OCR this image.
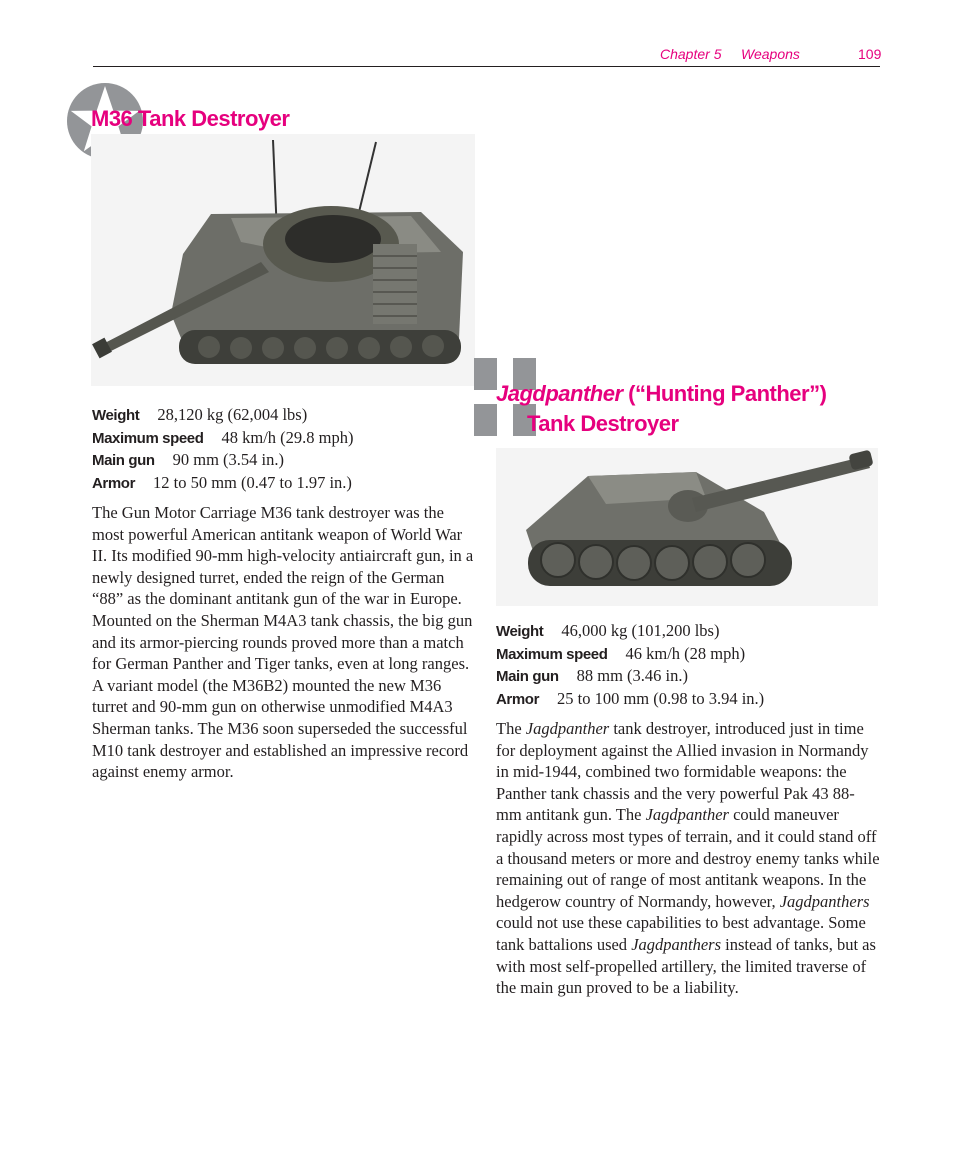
Chapter 5 Weapons	109
M36 Tank Destroyer
Weight 28,120 kg (62,004 lbs)
Maximum speed 48 km/h (29.8 mph)
Main gun 90 mm (3.54 in.)
Armor 12 to 50 mm (0.47 to 1.97 in.)

The Gun Motor Carriage M36 tank destroyer was the most powerful American antitank weapon of World War II. Its modified 90-mm high-velocity antiaircraft gun, in a newly designed turret, ended the reign of the German “88” as the dominant antitank gun of the war in Europe. Mounted on the Sherman M4A3 tank chassis, the big gun and its armor-piercing rounds proved more than a match for German Panther and Tiger tanks, even at long ranges. A variant model (the M36B2) mounted the new M36 turret and 90-mm gun on otherwise unmodified M4A3 Sherman tanks. The M36 soon superseded the successful M10 tank destroyer and established an impressive record against enemy armor.

Jagdpanther (“Hunting Panther”)
Tank Destroyer
Weight 46,000 kg (101,200 lbs)
Maximum speed 46 km/h (28 mph)
Main gun 88 mm (3.46 in.)
Armor 25 to 100 mm (0.98 to 3.94 in.)

The Jagdpanther tank destroyer, introduced just in time for deployment against the Allied invasion in Normandy in mid-1944, combined two formidable weapons: the Panther tank chassis and the very powerful Pak 43 88-mm antitank gun. The Jagdpanther could maneuver rapidly across most types of terrain, and it could stand off a thousand meters or more and destroy enemy tanks while remaining out of range of most antitank weapons. In the hedgerow country of Normandy, however, Jagdpanthers could not use these capabilities to best advantage. Some tank battalions used Jagdpanthers instead of tanks, but as with most self-propelled artillery, the limited traverse of the main gun proved to be a liability.
